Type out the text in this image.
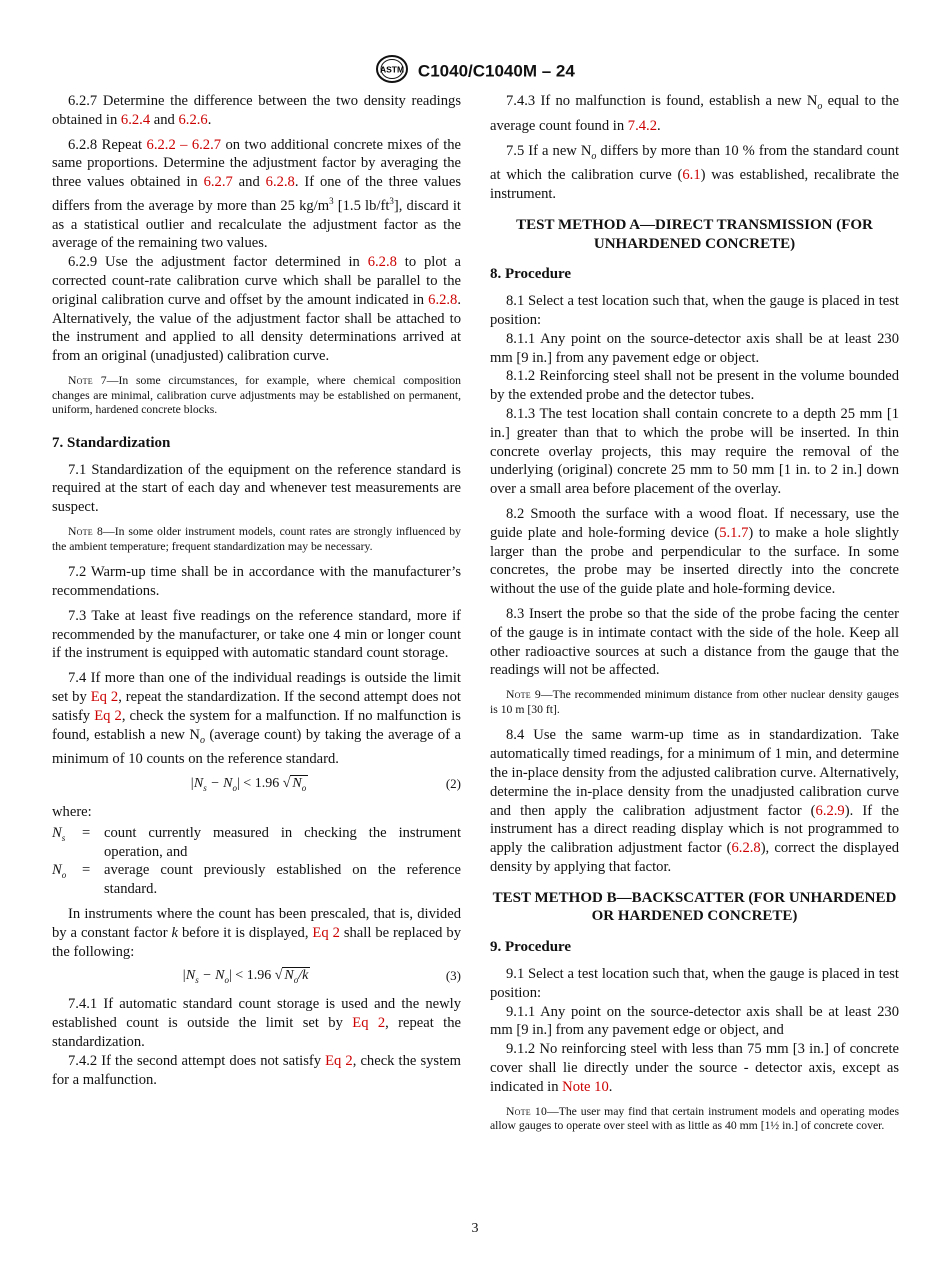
ASTM C1040/C1040M – 24

6.2.7 Determine the difference between the two density readings obtained in 6.2.4 and 6.2.6.

6.2.8 Repeat 6.2.2 – 6.2.7 on two additional concrete mixes of the same proportions. Determine the adjustment factor by averaging the three values obtained in 6.2.7 and 6.2.8. If one of the three values differs from the average by more than 25 $kg/m^3$ [1.5 $lb/ft^3$], discard it as a statistical outlier and recalculate the adjustment factor as the average of the remaining two values.

6.2.9 Use the adjustment factor determined in 6.2.8 to plot a corrected count-rate calibration curve which shall be parallel to the original calibration curve and offset by the amount indicated in 6.2.8. Alternatively, the value of the adjustment factor shall be attached to the instrument and applied to all density determinations arrived at from an original (unadjusted) calibration curve.

Note 7—In some circumstances, for example, where chemical composition changes are minimal, calibration curve adjustments may be established on permanent, uniform, hardened concrete blocks.
7. Standardization

7.1 Standardization of the equipment on the reference standard is required at the start of each day and whenever test measurements are suspect.

Note 8—In some older instrument models, count rates are strongly influenced by the ambient temperature; frequent standardization may be necessary.

7.2 Warm-up time shall be in accordance with the manufacturer’s recommendations.

7.3 Take at least five readings on the reference standard, more if recommended by the manufacturer, or take one 4 min or longer count if the instrument is equipped with automatic standard count storage.

7.4 If more than one of the individual readings is outside the limit set by Eq 2, repeat the standardization. If the second attempt does not satisfy Eq 2, check the system for a malfunction. If no malfunction is found, establish a new $N_o$ (average count) by taking the average of a minimum of 10 counts on the reference standard.

$|N_s - N_o| < 1.96$ √ $N_o$	(2)
where:
$N_s$	= count currently measured in checking the instrument operation, and
$N_o$	= average count previously established on the reference standard.

In instruments where the count has been prescaled, that is, divided by a constant factor k before it is displayed, Eq 2 shall be replaced by the following:

$|N_s - N_o| < 1.96$ √ $N_o/k$	(3)

7.4.1 If automatic standard count storage is used and the newly established count is outside the limit set by Eq 2, repeat the standardization.

7.4.2 If the second attempt does not satisfy Eq 2, check the system for a malfunction.

7.4.3 If no malfunction is found, establish a new $N_o$ equal to the average count found in 7.4.2.

7.5 If a new $N_o$ differs by more than 10 % from the standard count at which the calibration curve (6.1) was established, recalibrate the instrument.

TEST METHOD A—DIRECT TRANSMISSION (FOR UNHARDENED CONCRETE)
8. Procedure

8.1 Select a test location such that, when the gauge is placed in test position:

8.1.1 Any point on the source-detector axis shall be at least 230 mm [9 in.] from any pavement edge or object.

8.1.2 Reinforcing steel shall not be present in the volume bounded by the extended probe and the detector tubes.

8.1.3 The test location shall contain concrete to a depth 25 mm [1 in.] greater than that to which the probe will be inserted. In thin concrete overlay projects, this may require the removal of the underlying (original) concrete 25 mm to 50 mm [1 in. to 2 in.] down over a small area before placement of the overlay.

8.2 Smooth the surface with a wood float. If necessary, use the guide plate and hole-forming device (5.1.7) to make a hole slightly larger than the probe and perpendicular to the surface. In some concretes, the probe may be inserted directly into the concrete without the use of the guide plate and hole-forming device.

8.3 Insert the probe so that the side of the probe facing the center of the gauge is in intimate contact with the side of the hole. Keep all other radioactive sources at such a distance from the gauge that the readings will not be affected.

Note 9—The recommended minimum distance from other nuclear density gauges is 10 m [30 ft].

8.4 Use the same warm-up time as in standardization. Take automatically timed readings, for a minimum of 1 min, and determine the in-place density from the adjusted calibration curve. Alternatively, determine the in-place density from the unadjusted calibration curve and then apply the calibration adjustment factor (6.2.9). If the instrument has a direct reading display which is not programmed to apply the calibration adjustment factor (6.2.8), correct the displayed density by applying that factor.

TEST METHOD B—BACKSCATTER (FOR UNHARDENED OR HARDENED CONCRETE)
9. Procedure

9.1 Select a test location such that, when the gauge is placed in test position:

9.1.1 Any point on the source-detector axis shall be at least 230 mm [9 in.] from any pavement edge or object, and

9.1.2 No reinforcing steel with less than 75 mm [3 in.] of concrete cover shall lie directly under the source - detector axis, except as indicated in Note 10.

Note 10—The user may find that certain instrument models and operating modes allow gauges to operate over steel with as little as 40 mm [1½ in.] of concrete cover.
3
